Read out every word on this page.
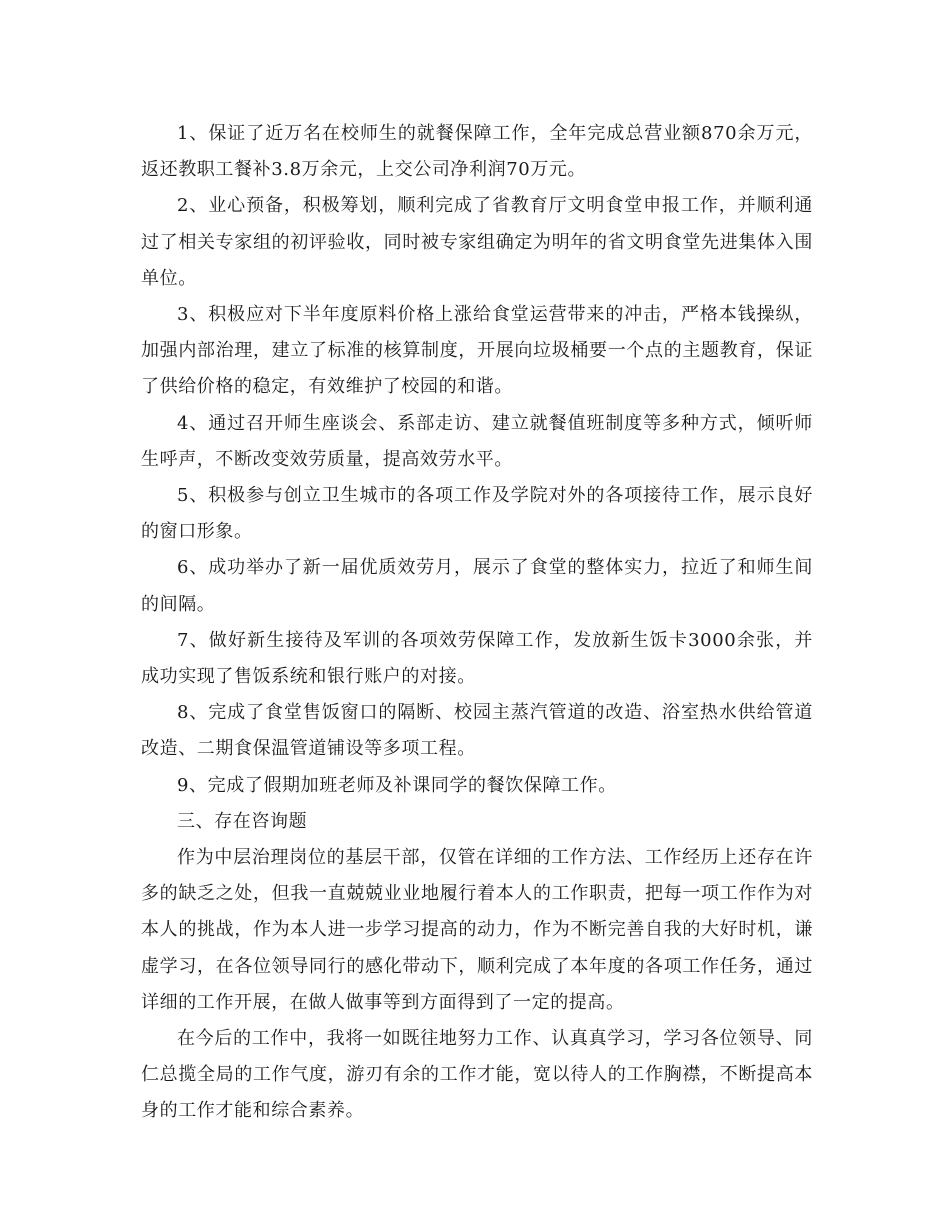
1、保证了近万名在校师生的就餐保障工作，全年完成总营业额870余万元，返还教职工餐补3.8万余元，上交公司净利润70万元。

2、业心预备，积极筹划，顺利完成了省教育厅文明食堂申报工作，并顺利通过了相关专家组的初评验收，同时被专家组确定为明年的省文明食堂先进集体入围单位。

3、积极应对下半年度原料价格上涨给食堂运营带来的冲击，严格本钱操纵，加强内部治理，建立了标准的核算制度，开展向垃圾桶要一个点的主题教育，保证了供给价格的稳定，有效维护了校园的和谐。

4、通过召开师生座谈会、系部走访、建立就餐值班制度等多种方式，倾听师生呼声，不断改变效劳质量，提高效劳水平。

5、积极参与创立卫生城市的各项工作及学院对外的各项接待工作，展示良好的窗口形象。

6、成功举办了新一届优质效劳月，展示了食堂的整体实力，拉近了和师生间的间隔。

7、做好新生接待及军训的各项效劳保障工作，发放新生饭卡3000余张，并成功实现了售饭系统和银行账户的对接。

8、完成了食堂售饭窗口的隔断、校园主蒸汽管道的改造、浴室热水供给管道改造、二期食保温管道铺设等多项工程。

9、完成了假期加班老师及补课同学的餐饮保障工作。

三、存在咨询题

作为中层治理岗位的基层干部，仅管在详细的工作方法、工作经历上还存在许多的缺乏之处，但我一直兢兢业业地履行着本人的工作职责，把每一项工作作为对本人的挑战，作为本人进一步学习提高的动力，作为不断完善自我的大好时机，谦虚学习，在各位领导同行的感化带动下，顺利完成了本年度的各项工作任务，通过详细的工作开展，在做人做事等到方面得到了一定的提高。

在今后的工作中，我将一如既往地努力工作、认真真学习，学习各位领导、同仁总揽全局的工作气度，游刃有余的工作才能，宽以待人的工作胸襟，不断提高本身的工作才能和综合素养。
